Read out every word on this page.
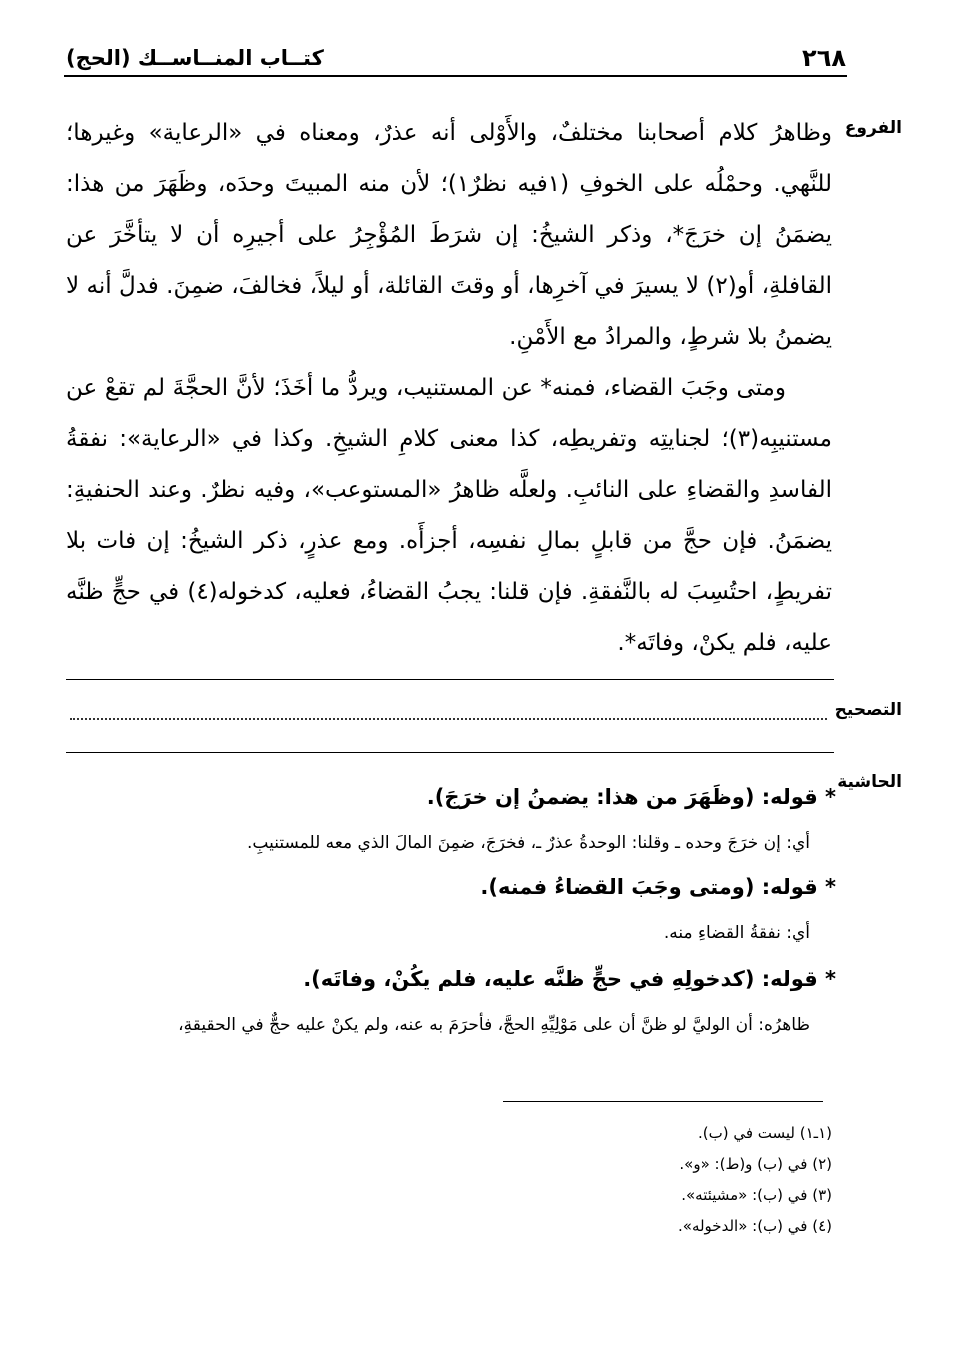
٢٦٨
كتــاب المنــاســك (الحج)
الفروع

وظاهرُ كلام أصحابنا مختلفٌ، والأَوْلى أنه عذرٌ، ومعناه في «الرعاية» وغيرها؛ للنَّهي. وحمْلُه على الخوفِ (١فيه نظرٌ١)؛ لأن منه المبيتَ وحدَه، وظَهَرَ من هذا: يضمَنُ إن خرَجَ*، وذكر الشيخُ: إن شرَطَ المُؤْجِرُ على أجيرِه أن لا يتأخَّرَ عن القافلةِ، أو(٢) لا يسيرَ في آخرِها، أو وقتَ القائلة، أو ليلاً، فخالفَ، ضمِنَ. فدلَّ أنه لا يضمنُ بلا شرطٍ، والمرادُ مع الأَمْنِ.

ومتى وجَبَ القضاء، فمنه* عن المستنيب، ويردُّ ما أخَذَ؛ لأنَّ الحجَّةَ لم تقعْ عن مستنيبِه(٣)؛ لجنايتِه وتفريطِه، كذا معنى كلامِ الشيخِ. وكذا في «الرعاية»: نفقةُ الفاسدِ والقضاءِ على النائبِ. ولعلَّه ظاهرُ «المستوعب»، وفيه نظرٌ. وعند الحنفيةِ: يضمَنُ. فإن حجَّ من قابلٍ بمالِ نفسِه، أجزأَه. ومع عذرٍ، ذكر الشيخُ: إن فات بلا تفريطٍ، احتُسِبَ له بالنَّفقةِ. فإن قلنا: يجبُ القضاءُ، فعليه، كدخوله(٤) في حجٍّ ظنَّه عليه، فلم يكنْ، وفاتَه*.

التصحيح
الحاشية

* قوله: (وظَهَرَ من هذا: يضمنُ إن خرَجَ).

أي: إن خرَجَ وحده ـ وقلنا: الوحدةُ عذرٌ ـ، فخرَجَ، ضمِنَ المالَ الذي معه للمستنيبِ.

* قوله: (ومتى وجَبَ القضاءُ فمنه).

أي: نفقةُ القضاءِ منه.

* قوله: (كدخولِهِ في حجٍّ ظنَّه عليه، فلم يكُنْ، وفاتَه).

ظاهرُه: أن الوليَّ لو ظنَّ أن على مَوْلِيِّهِ الحجَّ، فأحرَمَ به عنه، ولم يكنْ عليه حجٌّ في الحقيقةِ،

(١ـ١) ليست في (ب).

(٢) في (ب) و(ط): «و».

(٣) في (ب): «مشيئته».

(٤) في (ب): «الدخوله».
